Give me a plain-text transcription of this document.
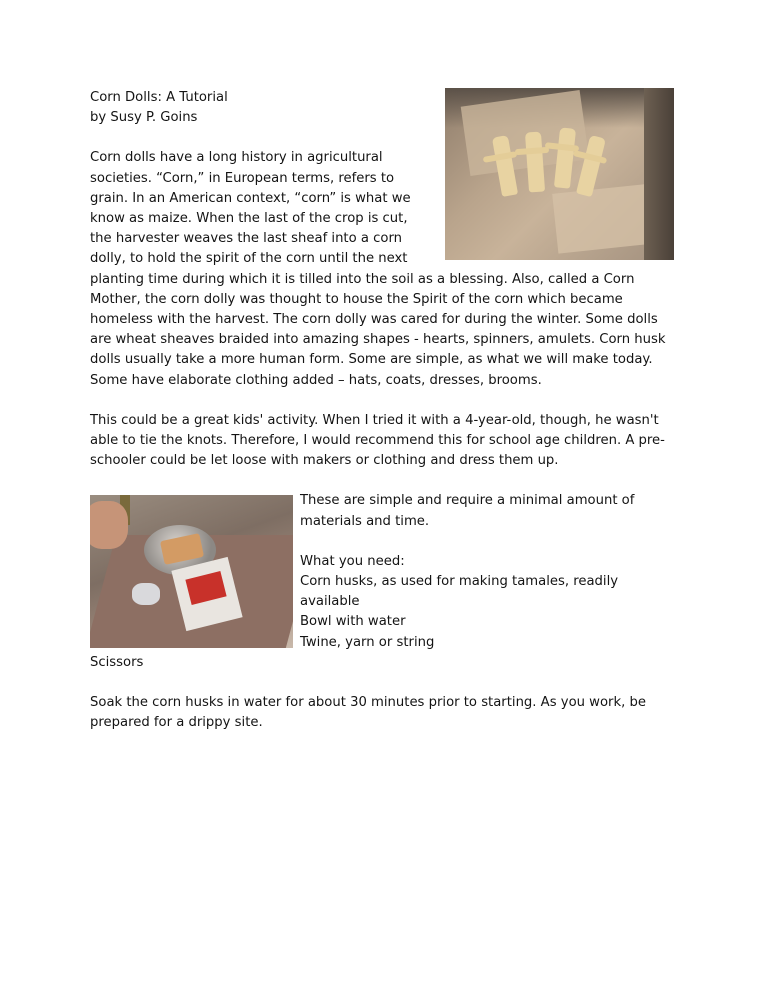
Corn Dolls: A Tutorial

by Susy P. Goins

Corn dolls have a long history in agricultural societies. “Corn,” in European terms, refers to grain. In an American context, “corn” is what we know as maize. When the last of the crop is cut, the harvester weaves the last sheaf into a corn dolly, to hold the spirit of the corn until the next planting time during which it is tilled into the soil as a blessing. Also, called a Corn Mother, the corn dolly was thought to house the Spirit of the corn which became homeless with the harvest. The corn dolly was cared for during the winter. Some dolls are wheat sheaves braided into amazing shapes - hearts, spinners, amulets. Corn husk dolls usually take a more human form. Some are simple, as what we will make today. Some have elaborate clothing added – hats, coats, dresses, brooms.

This could be a great kids' activity. When I tried it with a 4-year-old, though, he wasn't able to tie the knots. Therefore, I would recommend this for school age children. A pre-schooler could be let loose with makers or clothing and dress them up.

These are simple and require a minimal amount of materials and time.

What you need:

Corn husks, as used for making tamales, readily available

Bowl with water

Twine, yarn or string

Scissors

Soak the corn husks in water for about 30 minutes prior to starting. As you work, be prepared for a drippy site.
